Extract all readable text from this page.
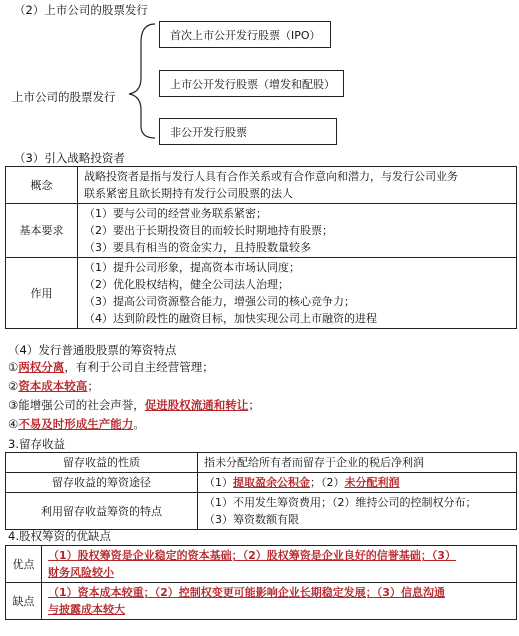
（2）上市公司的股票发行
上市公司的股票发行
首次上市公开发行股票（IPO）
上市公开发行股票（增发和配股）
非公开发行股票
（3）引入战略投资者
概念	战略投资者是指与发行人具有合作关系或有合作意向和潜力，与发行公司业务
联系紧密且欲长期持有发行公司股票的法人

基本要求	（1）要与公司的经营业务联系紧密；
（2）要出于长期投资目的而较长时期地持有股票；
（3）要具有相当的资金实力，且持股数量较多

作用	（1）提升公司形象，提高资本市场认同度；
（2）优化股权结构，健全公司法人治理；
（3）提高公司资源整合能力，增强公司的核心竞争力；
（4）达到阶段性的融资目标，加快实现公司上市融资的进程
（4）发行普通股股票的筹资特点
①两权分离，有利于公司自主经营管理；
②资本成本较高；
③能增强公司的社会声誉，促进股权流通和转让；
④不易及时形成生产能力。
3.留存收益
留存收益的性质	指未分配给所有者而留存于企业的税后净利润
留存收益的筹资途径	（1）提取盈余公积金；（2）未分配利润
利用留存收益筹资的特点	（1）不用发生筹资费用；（2）维持公司的控制权分布；
（3）筹资数额有限
4.股权筹资的优缺点
优点	（1）股权筹资是企业稳定的资本基础；（2）股权筹资是企业良好的信誉基础；（3）
财务风险较小

缺点	（1）资本成本较重；（2）控制权变更可能影响企业长期稳定发展；（3）信息沟通
与披露成本较大
